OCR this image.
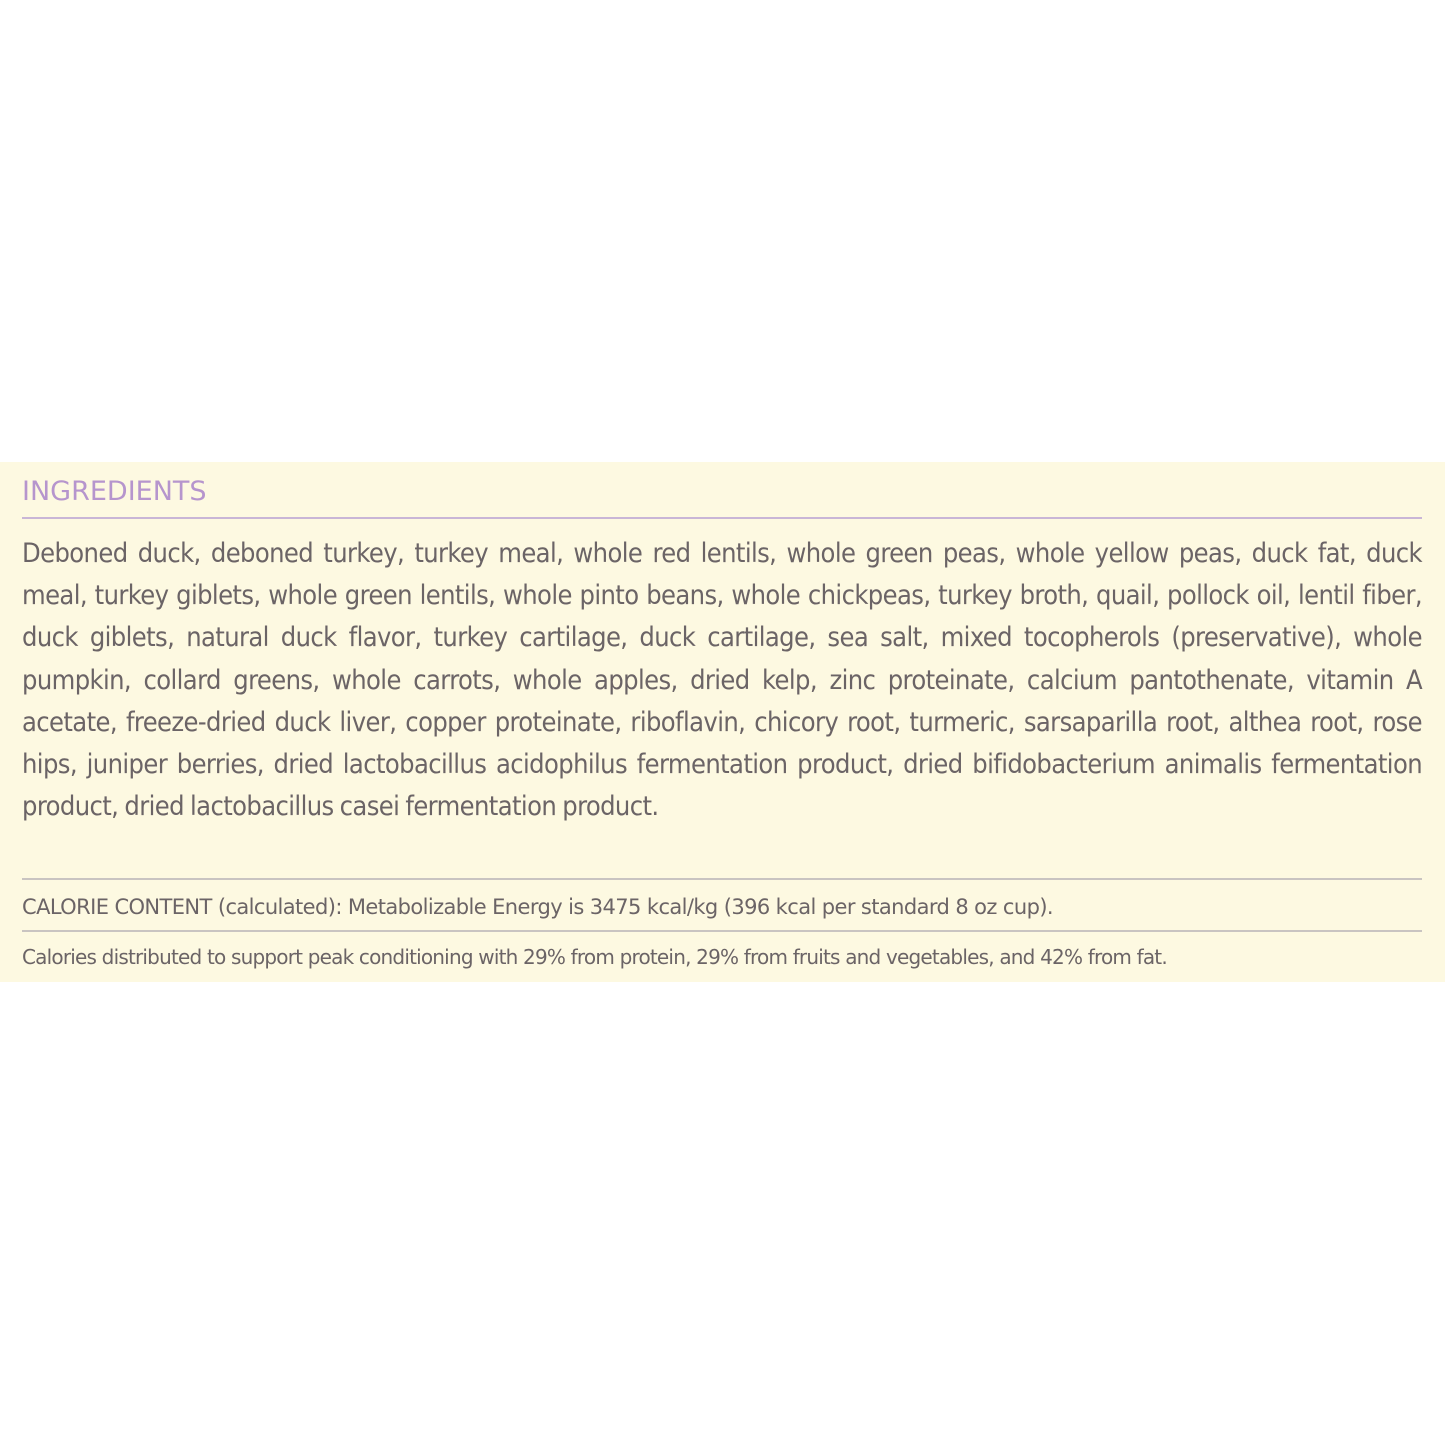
INGREDIENTS
Deboned duck, deboned turkey, turkey meal, whole red lentils, whole green peas, whole yellow peas, duck fat, duck meal, turkey giblets, whole green lentils, whole pinto beans, whole chickpeas, turkey broth, quail, pollock oil, lentil fiber, duck giblets, natural duck flavor, turkey cartilage, duck cartilage, sea salt, mixed tocopherols (preservative), whole pumpkin, collard greens, whole carrots, whole apples, dried kelp, zinc proteinate, calcium pantothenate, vitamin A acetate, freeze-dried duck liver, copper proteinate, riboflavin, chicory root, turmeric, sarsaparilla root, althea root, rose hips, juniper berries, dried lactobacillus acidophilus fermentation product, dried bifidobacterium animalis fermentation product, dried lactobacillus casei fermentation product.
CALORIE CONTENT (calculated): Metabolizable Energy is 3475 kcal/kg (396 kcal per standard 8 oz cup).
Calories distributed to support peak conditioning with 29% from protein, 29% from fruits and vegetables, and 42% from fat.
